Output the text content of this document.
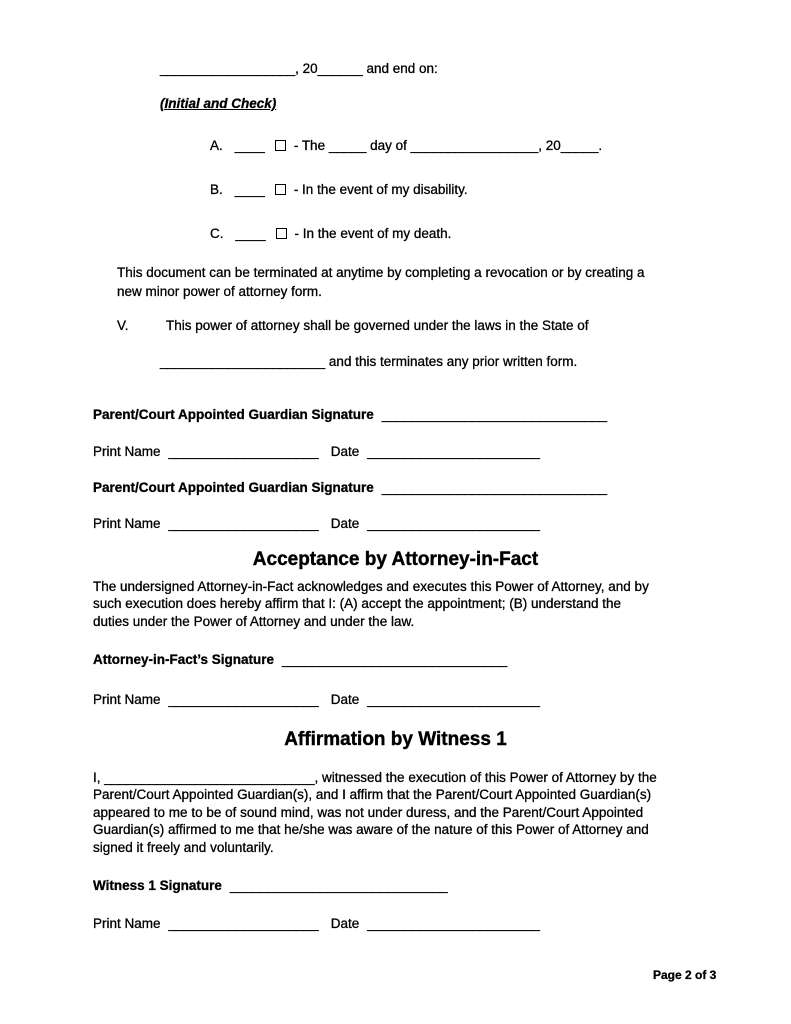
__________________, 20______ and end on:
(Initial and Check)
A. ____ - The _____ day of _________________, 20_____.
B. ____ - In the event of my disability.
C. ____ - In the event of my death.
This document can be terminated at anytime by completing a revocation or by creating a new minor power of attorney form.
V.	This power of attorney shall be governed under the laws in the State of
______________________ and this terminates any prior written form.
Parent/Court Appointed Guardian Signature ______________________________
Print Name ____________________ Date _______________________
Parent/Court Appointed Guardian Signature ______________________________
Print Name ____________________ Date _______________________
Acceptance by Attorney-in-Fact
The undersigned Attorney-in-Fact acknowledges and executes this Power of Attorney, and by such execution does hereby affirm that I: (A) accept the appointment; (B) understand the duties under the Power of Attorney and under the law.
Attorney-in-Fact’s Signature ______________________________
Print Name ____________________ Date _______________________
Affirmation by Witness 1
I, ____________________________, witnessed the execution of this Power of Attorney by the Parent/Court Appointed Guardian(s), and I affirm that the Parent/Court Appointed Guardian(s) appeared to me to be of sound mind, was not under duress, and the Parent/Court Appointed Guardian(s) affirmed to me that he/she was aware of the nature of this Power of Attorney and signed it freely and voluntarily.
Witness 1 Signature _____________________________
Print Name ____________________ Date _______________________
Page 2 of 3
